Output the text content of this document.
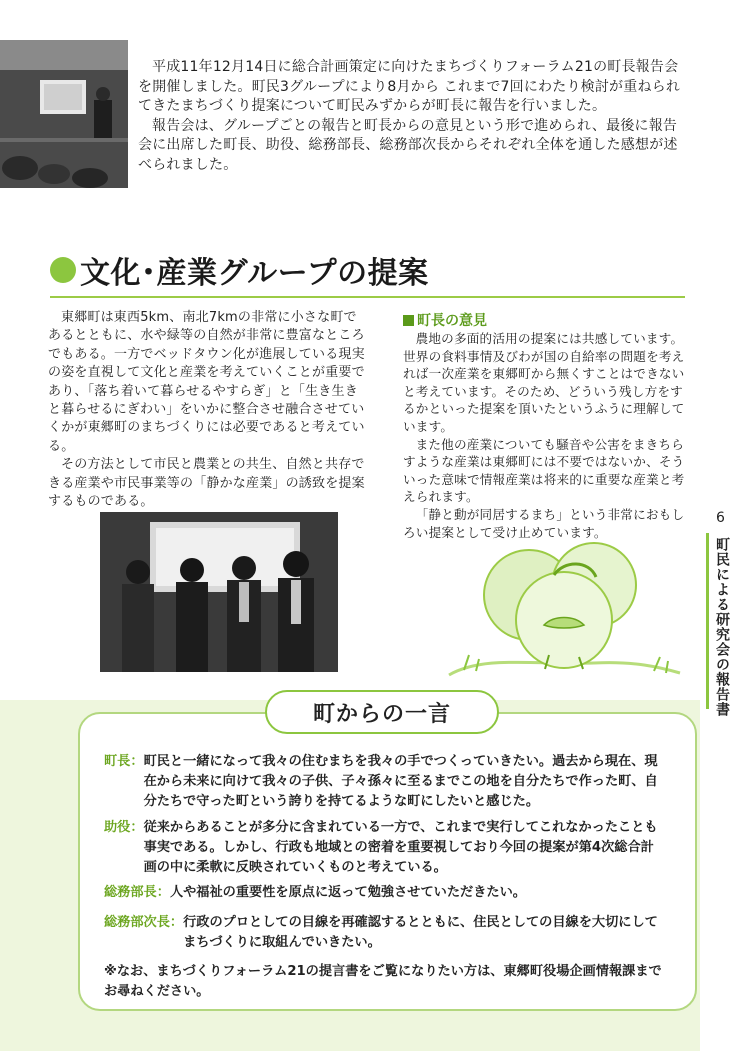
平成11年12月14日に総合計画策定に向けたまちづくりフォーラム21の町長報告会を開催しました。町民3グループにより8月から これまで7回にわたり検討が重ねられてきたまちづくり提案について町民みずからが町長に報告を行いました。

報告会は、グループごとの報告と町長からの意見という形で進められ、最後に報告会に出席した町長、助役、総務部長、総務部次長からそれぞれ全体を通した感想が述べられました。

文化･産業グループの提案

東郷町は東西5km、南北7kmの非常に小さな町であるとともに、水や緑等の自然が非常に豊富なところでもある。一方でベッドタウン化が進展している現実の姿を直視して文化と産業を考えていくことが重要であり、「落ち着いて暮らせるやすらぎ」と「生き生きと暮らせるにぎわい」をいかに整合させ融合させていくかが東郷町のまちづくりには必要であると考えている。

その方法として市民と農業との共生、自然と共存できる産業や市民事業等の「静かな産業」の誘致を提案するものである。

町長の意見

農地の多面的活用の提案には共感しています。世界の食料事情及びわが国の自給率の問題を考えれば一次産業を東郷町から無くすことはできないと考えています。そのため、どういう残し方をするかといった提案を頂いたというふうに理解しています。

また他の産業についても騒音や公害をまきちらすような産業は東郷町には不要ではないか、そういった意味で情報産業は将来的に重要な産業と考えられます。

「静と動が同居するまち」という非常におもしろい提案として受け止めています。

6
町民による研究会の報告書
町からの一言
町長： 町民と一緒になって我々の住むまちを我々の手でつくっていきたい。過去から現在、現在から未来に向けて我々の子供、子々孫々に至るまでこの地を自分たちで作った町、自分たちで守った町という誇りを持てるような町にしたいと感じた。
助役： 従来からあることが多分に含まれている一方で、これまで実行してこれなかったことも事実である。しかし、行政も地域との密着を重要視しており今回の提案が第4次総合計画の中に柔軟に反映されていくものと考えている。
総務部長： 人や福祉の重要性を原点に返って勉強させていただきたい。
総務部次長： 行政のプロとしての目線を再確認するとともに、住民としての目線を大切にしてまちづくりに取組んでいきたい。
※なお、まちづくりフォーラム21の提言書をご覧になりたい方は、東郷町役場企画情報課までお尋ねください。
